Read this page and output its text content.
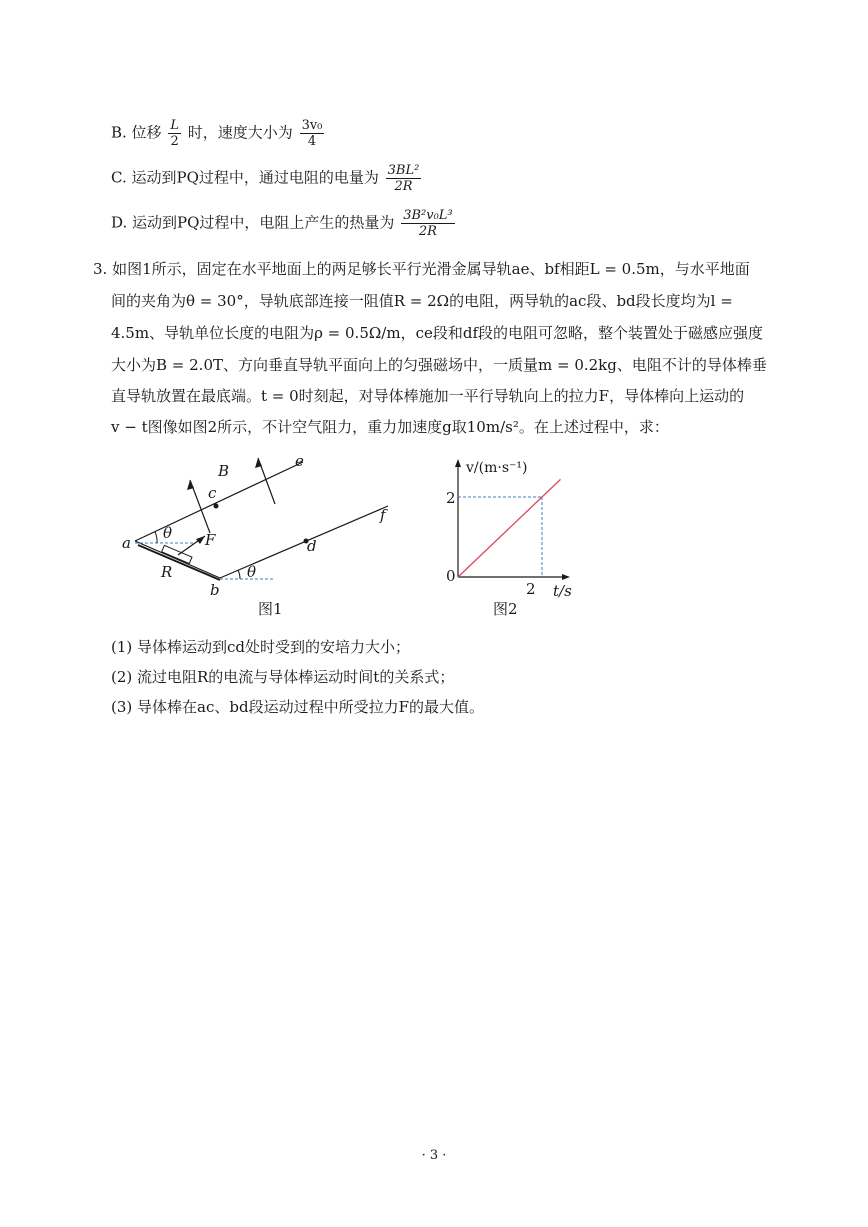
B. 位移 $\frac{L}{2}$ 时，速度大小为 $\frac{\text{3v₀}}{4}$
C. 运动到PQ过程中，通过电阻的电量为 $\frac{\text{3BL²}}{2R}$
D. 运动到PQ过程中，电阻上产生的热量为 $\frac{\text{3B²v₀L³}}{2R}$
3. 如图1所示，固定在水平地面上的两足够长平行光滑金属导轨ae、bf相距L = 0.5m，与水平地面
间的夹角为θ = 30°，导轨底部连接一阻值R = 2Ω的电阻，两导轨的ac段、bd段长度均为l =
4.5m、导轨单位长度的电阻为ρ = 0.5Ω/m，ce段和df段的电阻可忽略，整个装置处于磁感应强度
大小为B = 2.0T、方向垂直导轨平面向上的匀强磁场中，一质量m = 0.2kg、电阻不计的导体棒垂
直导轨放置在最底端。t = 0时刻起，对导体棒施加一平行导轨向上的拉力F，导体棒向上运动的
v − t图像如图2所示，不计空气阻力，重力加速度g取10m/s²。在上述过程中，求：
B
e
c
a
θ F	d
f
R	θ
b
图1
v/(m·s⁻¹)
2
0
2 t/s
图2
(1) 导体棒运动到cd处时受到的安培力大小；
(2) 流过电阻R的电流与导体棒运动时间t的关系式；
(3) 导体棒在ac、bd段运动过程中所受拉力F的最大值。
· 3 ·
